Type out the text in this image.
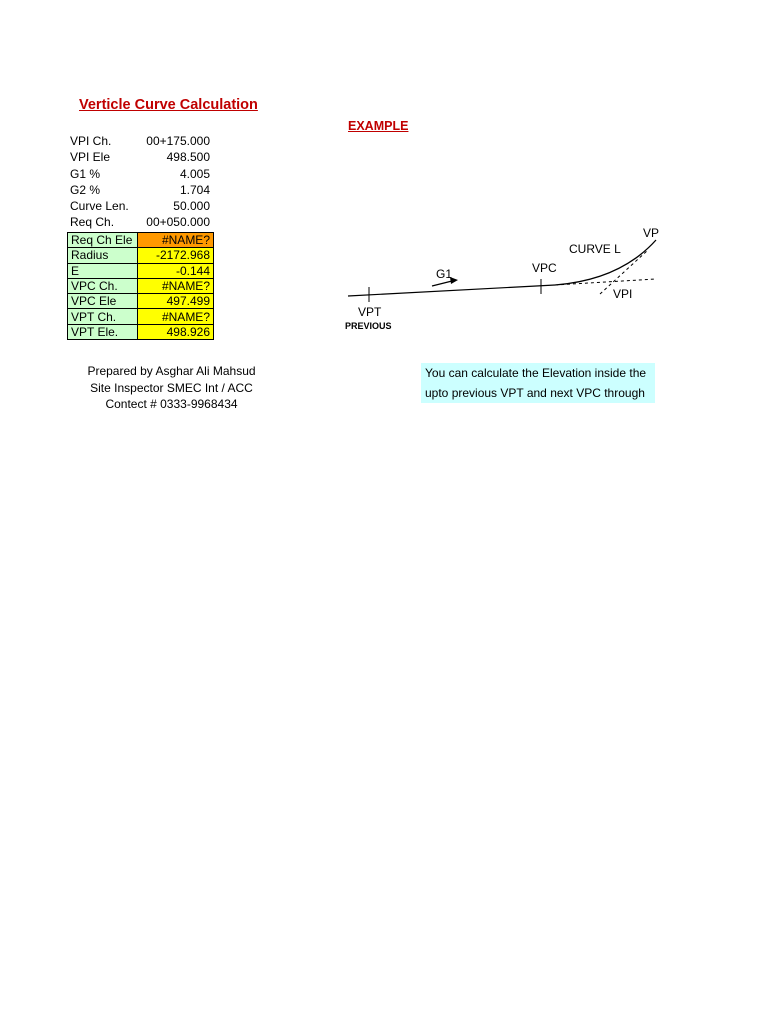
Verticle Curve Calculation
EXAMPLE
VPI Ch.	00+175.000
VPI Ele	498.500
G1 %	4.005
G2 %	1.704
Curve Len.	50.000
Req Ch.	00+050.000
Req Ch Ele	#NAME?
Radius	-2172.968
E	-0.144
VPC Ch.	#NAME?
VPC Ele	497.499
VPT Ch.	#NAME?
VPT Ele.	498.926
Prepared by Asghar Ali Mahsud
Site Inspector SMEC Int / ACC
Contect # 0333-9968434
G1	VPC
CURVE L
VP
VPI
VPT
PREVIOUS
You can calculate the Elevation inside the
upto previous VPT and next VPC through
